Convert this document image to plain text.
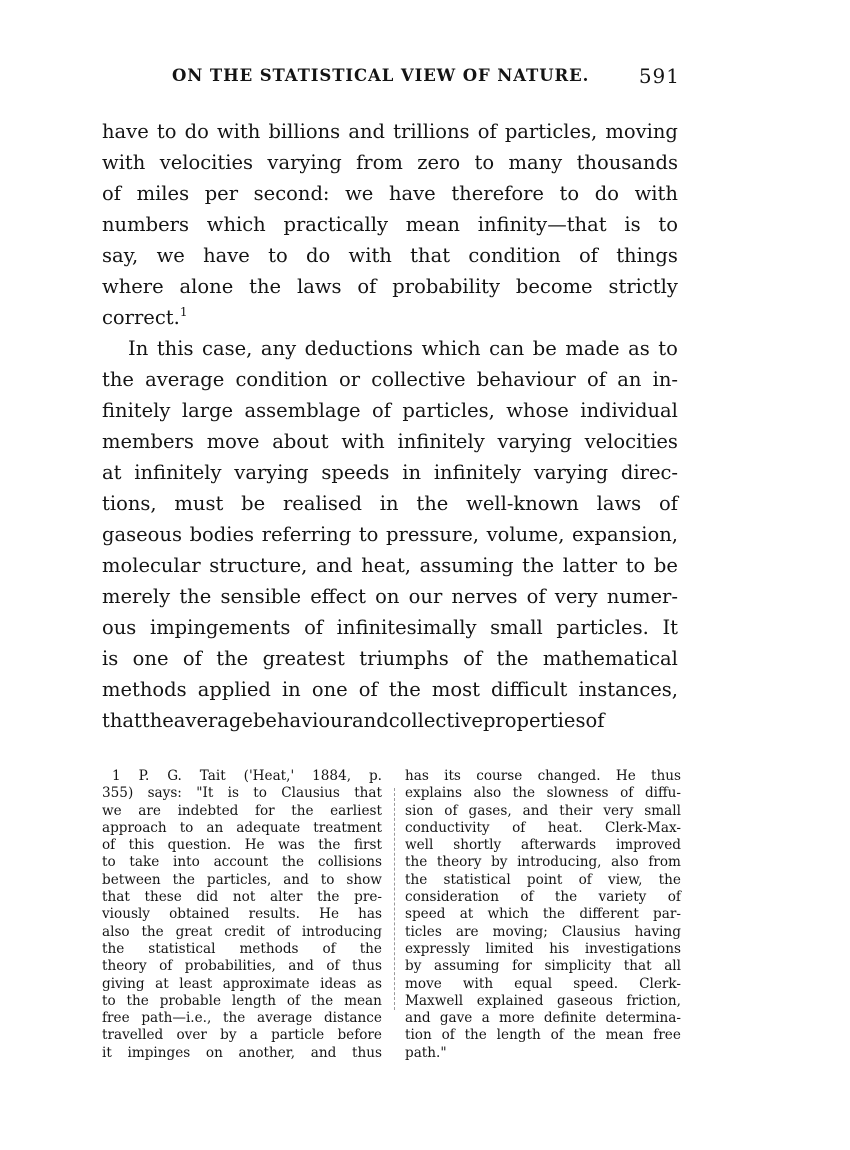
ON THE STATISTICAL VIEW OF NATURE. 591
have to do with billions and trillions of particles, moving
with velocities varying from zero to many thousands
of miles per second: we have therefore to do with
numbers which practically mean infinity—that is to
say, we have to do with that condition of things
where alone the laws of probability become strictly
correct.$^1$
In this case, any deductions which can be made as to
the average condition or collective behaviour of an in-
finitely large assemblage of particles, whose individual
members move about with infinitely varying velocities
at infinitely varying speeds in infinitely varying direc-
tions, must be realised in the well-known laws of
gaseous bodies referring to pressure, volume, expansion,
molecular structure, and heat, assuming the latter to be
merely the sensible effect on our nerves of very numer-
ous impingements of infinitesimally small particles. It
is one of the greatest triumphs of the mathematical
methods applied in one of the most difficult instances,
that the average behaviour and collective properties of
1 P. G. Tait ('Heat,' 1884, p.
355) says: "It is to Clausius that
we are indebted for the earliest
approach to an adequate treatment
of this question. He was the first
to take into account the collisions
between the particles, and to show
that these did not alter the pre-
viously obtained results. He has
also the great credit of introducing
the statistical methods of the
theory of probabilities, and of thus
giving at least approximate ideas as
to the probable length of the mean
free path—i.e., the average distance
travelled over by a particle before
it impinges on another, and thus
has its course changed. He thus
explains also the slowness of diffu-
sion of gases, and their very small
conductivity of heat. Clerk-Max-
well shortly afterwards improved
the theory by introducing, also from
the statistical point of view, the
consideration of the variety of
speed at which the different par-
ticles are moving; Clausius having
expressly limited his investigations
by assuming for simplicity that all
move with equal speed. Clerk-
Maxwell explained gaseous friction,
and gave a more definite determina-
tion of the length of the mean free
path."
